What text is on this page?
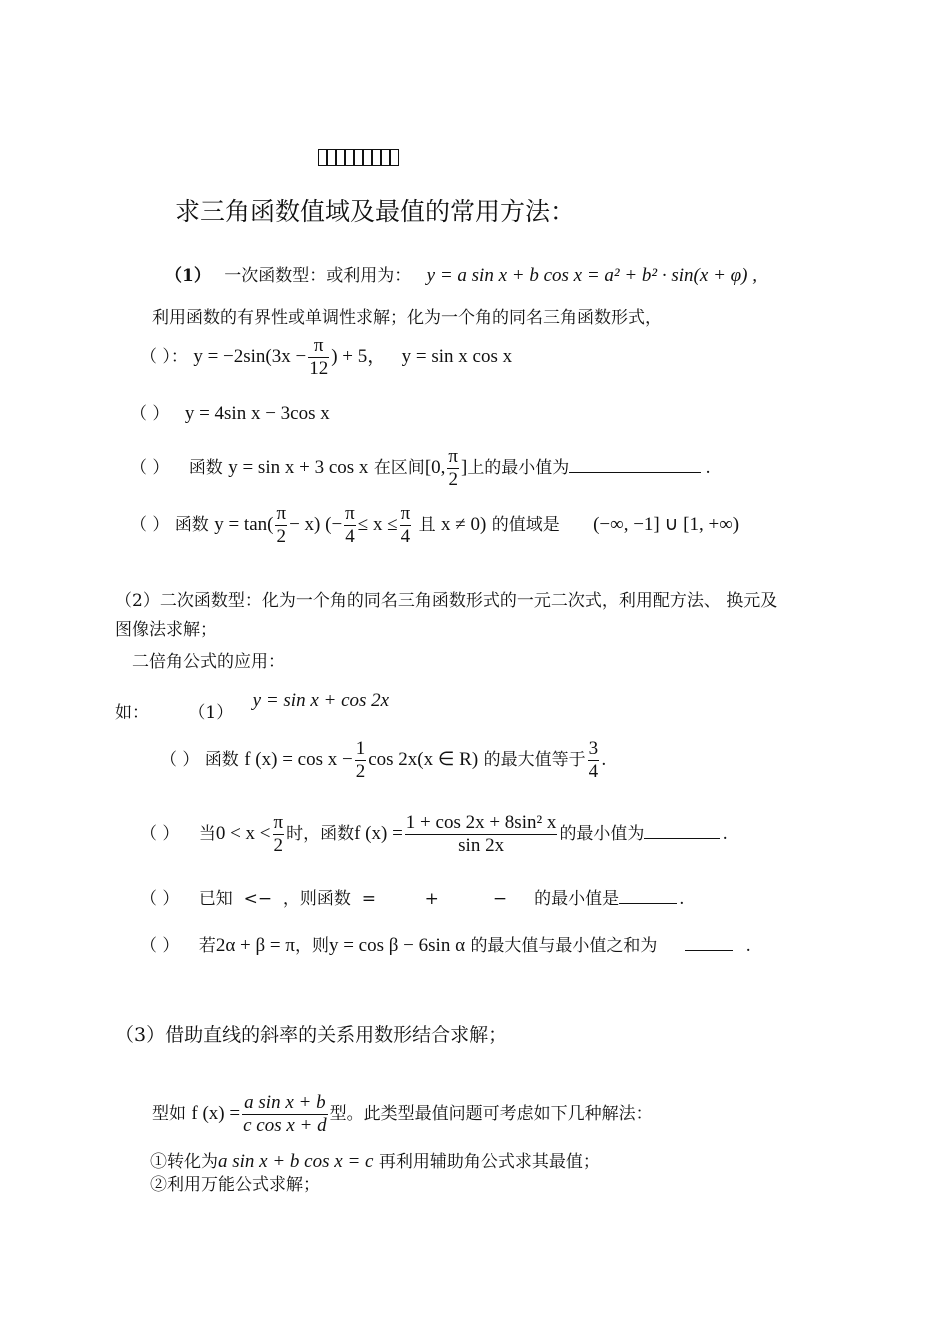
求三角函数值域及最值的常用方法：
（1） 一次函数型：或利用为： y = a sin x + b cos x = a² + b² · sin(x + φ) ,
利用函数的有界性或单调性求解；化为一个角的同名三角函数形式，
（ ）： $y = -2\sin(3x - \frac{\pi}{12}$ ) + 5， y = sin x cos x
（ ） y = 4sin x − 3cos x
（ ） 函数 y = sin x + 3 cos x 在区间[0, $\frac{\pi}{2}$ ]上的最小值为	.
（ ） 函数 $y = \tan( \frac{\pi}{2} - x)$ (− $\frac{\pi}{4} \le x \le \frac{\pi}{4}$ 且 x ≠ 0) 的值域是 (−∞, −1] ∪ [1, +∞)
（2）二次函数型：化为一个角的同名三角函数形式的一元二次式，利用配方法、 换元及
图像法求解；
二倍角公式的应用：
如： （1） y = sin x + cos 2x
（ ） 函数 f $(x) = \cos x - \frac{1}{2}$ cos 2x(x ∈ R) 的最大值等于 $\frac{3}{4}$ .
（ ） 当$0 < x < \frac{\pi}{2}$ 时，函数f $(x) = \frac{\text{1 + cos 2x + 8sin² x}}{\sin 2x}$ 的最小值为	.
（ ） 已知  <−  ，则函数  =         +          −     的最小值是	.
（ ） 若2α + β = π，则y = cos β − 6sin α 的最大值与最小值之和为	.
（3）借助直线的斜率的关系用数形结合求解；
型如 f $(x) = \frac{\text{a sin x + b}}{\text{c cos x + d}}$ 型。此类型最值问题可考虑如下几种解法：
①转化为a sin x + b cos x = c 再利用辅助角公式求其最值；
②利用万能公式求解；
